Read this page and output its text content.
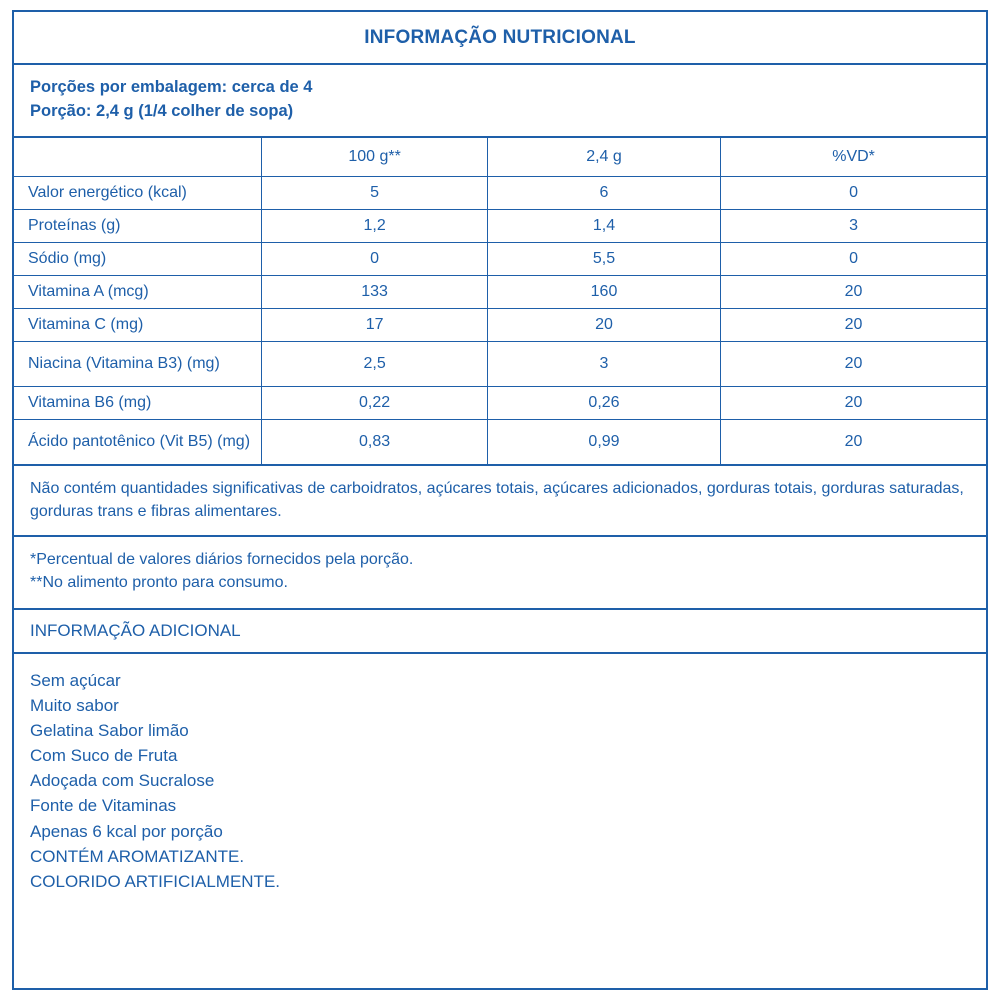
INFORMAÇÃO NUTRICIONAL
Porções por embalagem: cerca de 4
Porção: 2,4 g (1/4 colher de sopa)
	100 g**	2,4 g	%VD*
Valor energético (kcal)	5	6	0
Proteínas (g)	1,2	1,4	3
Sódio (mg)	0	5,5	0
Vitamina A (mcg)	133	160	20
Vitamina C (mg)	17	20	20
Niacina (Vitamina B3) (mg)	2,5	3	20
Vitamina B6 (mg)	0,22	0,26	20
Ácido pantotênico (Vit B5) (mg)	0,83	0,99	20
Não contém quantidades significativas de carboidratos, açúcares totais, açúcares adicionados, gorduras totais, gorduras saturadas, gorduras trans e fibras alimentares.
*Percentual de valores diários fornecidos pela porção.
**No alimento pronto para consumo.
INFORMAÇÃO ADICIONAL
Sem açúcar
Muito sabor
Gelatina Sabor limão
Com Suco de Fruta
Adoçada com Sucralose
Fonte de Vitaminas
Apenas 6 kcal por porção
CONTÉM AROMATIZANTE.
COLORIDO ARTIFICIALMENTE.
